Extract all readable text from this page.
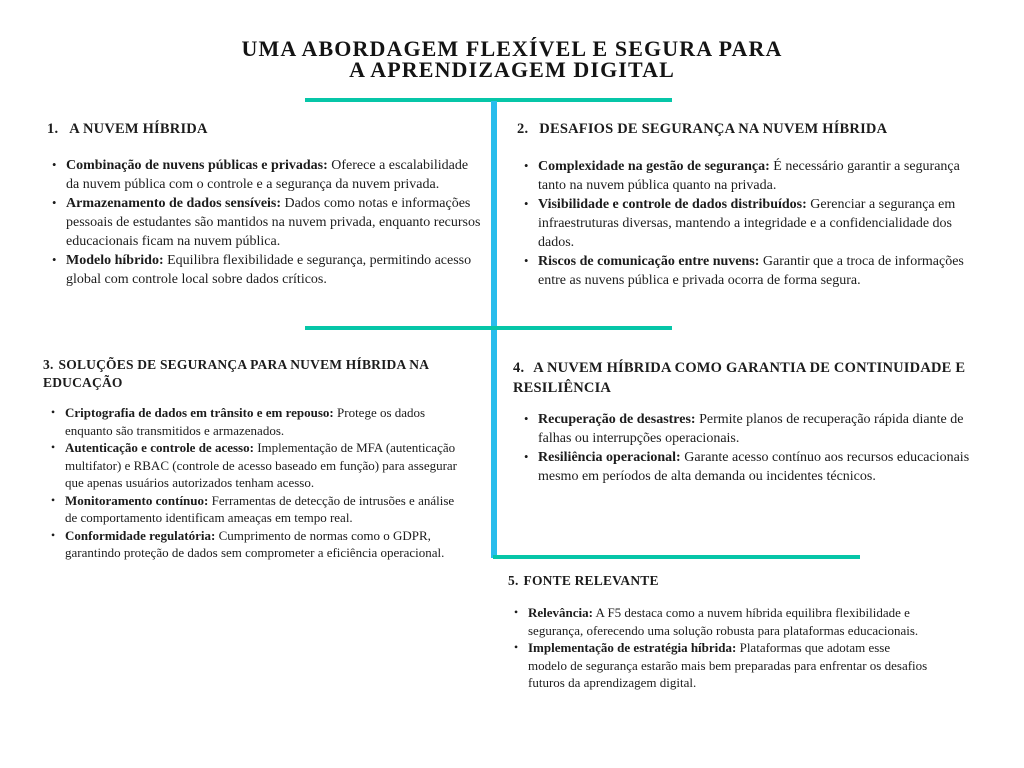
UMA ABORDAGEM FLEXÍVEL E SEGURA PARA
A APRENDIZAGEM DIGITAL
1. A NUVEM HÍBRIDA
• Combinação de nuvens públicas e privadas: Oferece a escalabilidade da nuvem pública com o controle e a segurança da nuvem privada.
• Armazenamento de dados sensíveis: Dados como notas e informações pessoais de estudantes são mantidos na nuvem privada, enquanto recursos educacionais ficam na nuvem pública.
• Modelo híbrido: Equilibra flexibilidade e segurança, permitindo acesso global com controle local sobre dados críticos.
2. DESAFIOS DE SEGURANÇA NA NUVEM HÍBRIDA
• Complexidade na gestão de segurança: É necessário garantir a segurança tanto na nuvem pública quanto na privada.
• Visibilidade e controle de dados distribuídos: Gerenciar a segurança em infraestruturas diversas, mantendo a integridade e a confidencialidade dos dados.
• Riscos de comunicação entre nuvens: Garantir que a troca de informações entre as nuvens pública e privada ocorra de forma segura.
3. SOLUÇÕES DE SEGURANÇA PARA NUVEM HÍBRIDA NA EDUCAÇÃO
• Criptografia de dados em trânsito e em repouso: Protege os dados enquanto são transmitidos e armazenados.
• Autenticação e controle de acesso: Implementação de MFA (autenticação multifator) e RBAC (controle de acesso baseado em função) para assegurar que apenas usuários autorizados tenham acesso.
• Monitoramento contínuo: Ferramentas de detecção de intrusões e análise de comportamento identificam ameaças em tempo real.
• Conformidade regulatória: Cumprimento de normas como o GDPR, garantindo proteção de dados sem comprometer a eficiência operacional.
4. A NUVEM HÍBRIDA COMO GARANTIA DE CONTINUIDADE E RESILIÊNCIA
• Recuperação de desastres: Permite planos de recuperação rápida diante de falhas ou interrupções operacionais.
• Resiliência operacional: Garante acesso contínuo aos recursos educacionais mesmo em períodos de alta demanda ou incidentes técnicos.
5. FONTE RELEVANTE
• Relevância: A F5 destaca como a nuvem híbrida equilibra flexibilidade e segurança, oferecendo uma solução robusta para plataformas educacionais.
• Implementação de estratégia híbrida: Plataformas que adotam esse modelo de segurança estarão mais bem preparadas para enfrentar os desafios futuros da aprendizagem digital.
